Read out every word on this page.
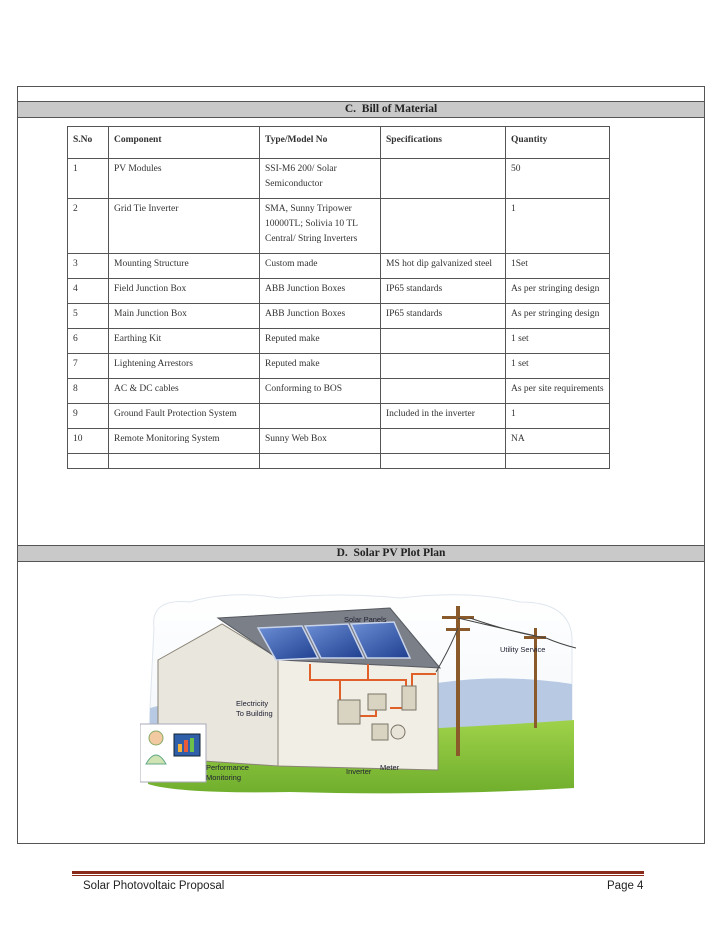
C. Bill of Material
D. Solar PV Plot Plan
S.No	Component	Type/Model No	Specifications	Quantity
1	PV Modules	SSI-M6 200/ Solar Semiconductor		50
2	Grid Tie Inverter	SMA, Sunny Tripower 10000TL; Solivia 10 TL Central/ String Inverters		1
3	Mounting Structure	Custom made	MS hot dip galvanized steel	1Set
4	Field Junction Box	ABB Junction Boxes	IP65 standards	As per stringing design
5	Main Junction Box	ABB Junction Boxes	IP65 standards	As per stringing design
6	Earthing Kit	Reputed make		1 set
7	Lightening Arrestors	Reputed make		1 set
8	AC & DC cables	Conforming to BOS		As per site requirements
9	Ground Fault Protection System		Included in the inverter	1
10	Remote Monitoring System	Sunny Web Box		NA

Solar Panels
Utility Service
Electricity
To Building
Inverter Meter
Performance
Monitoring
Solar Photovoltaic Proposal	Page 4
